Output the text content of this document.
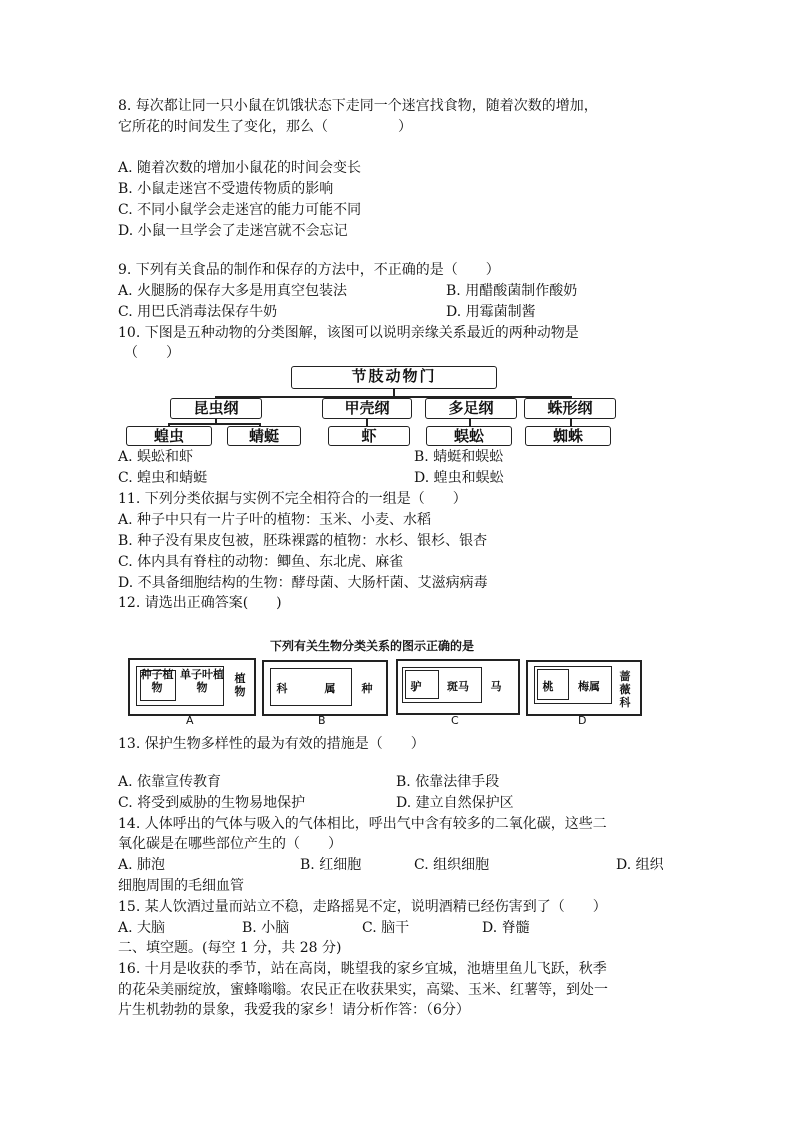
8. 每次都让同一只小鼠在饥饿状态下走同一个迷宫找食物，随着次数的增加，
它所花的时间发生了变化，那么（　　　　　）
A. 随着次数的增加小鼠花的时间会变长
B. 小鼠走迷宫不受遗传物质的影响
C. 不同小鼠学会走迷宫的能力可能不同
D. 小鼠一旦学会了走迷宫就不会忘记
9. 下列有关食品的制作和保存的方法中，不正确的是（　　）
A. 火腿肠的保存大多是用真空包装法	B. 用醋酸菌制作酸奶
C. 用巴氏消毒法保存牛奶	D. 用霉菌制酱
10. 下图是五种动物的分类图解，该图可以说明亲缘关系最近的两种动物是
（　　）
节肢动物门
昆虫纲	甲壳纲	多足纲	蛛形纲
蝗虫	蜻蜓	虾	蜈蚣	蜘蛛
A. 蜈蚣和虾	B. 蜻蜓和蜈蚣
C. 蝗虫和蜻蜓	D. 蝗虫和蜈蚣
11. 下列分类依据与实例不完全相符合的一组是（　　）
A. 种子中只有一片子叶的植物：玉米、小麦、水稻
B. 种子没有果皮包被，胚珠裸露的植物：水杉、银杉、银杏
C. 体内具有脊柱的动物：鲫鱼、东北虎、麻雀
D. 不具备细胞结构的生物：酵母菌、大肠杆菌、艾滋病病毒
12. 请选出正确答案(　　)
下列有关生物分类关系的图示正确的是
种子植物
单子叶植物
植物
A
科	属	种
B
驴	斑马	马
C
桃	梅属
蔷薇科
D
13. 保护生物多样性的最为有效的措施是（　　）
A. 依靠宣传教育	B. 依靠法律手段
C. 将受到威胁的生物易地保护	D. 建立自然保护区
14. 人体呼出的气体与吸入的气体相比，呼出气中含有较多的二氧化碳，这些二
氧化碳是在哪些部位产生的（　　）
A. 肺泡	B. 红细胞	C. 组织细胞	D. 组织
细胞周围的毛细血管
15. 某人饮酒过量而站立不稳，走路摇晃不定，说明酒精已经伤害到了（　　）
A. 大脑	B. 小脑	C. 脑干	D. 脊髓
二、填空题。(每空 1 分，共 28 分)
16. 十月是收获的季节，站在高岗，眺望我的家乡宜城，池塘里鱼儿飞跃，秋季
的花朵美丽绽放，蜜蜂嗡嗡。农民正在收获果实，高粱、玉米、红薯等，到处一
片生机勃勃的景象，我爱我的家乡！请分析作答：（6分）
